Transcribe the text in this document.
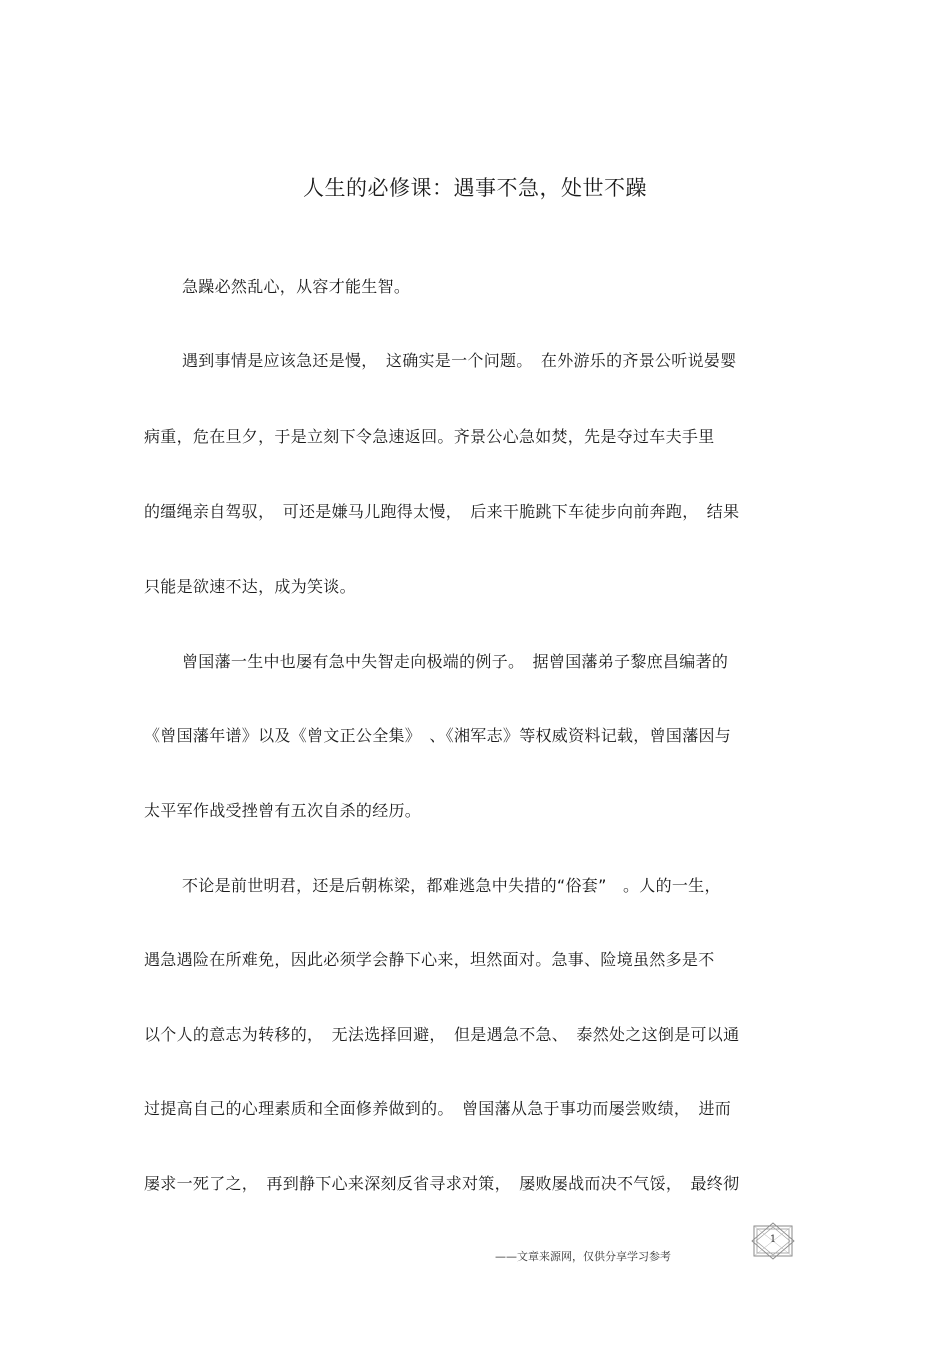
人生的必修课：遇事不急，处世不躁
急躁必然乱心，从容才能生智。
遇到事情是应该急还是慢，　这确实是一个问题。　在外游乐的齐景公听说晏婴
病重，危在旦夕，于是立刻下令急速返回。齐景公心急如焚，先是夺过车夫手里
的缰绳亲自驾驭，　可还是嫌马儿跑得太慢，　后来干脆跳下车徒步向前奔跑，　结果
只能是欲速不达，成为笑谈。
曾国藩一生中也屡有急中失智走向极端的例子。　据曾国藩弟子黎庶昌编著的
《曾国藩年谱》以及《曾文正公全集》　、《湘军志》等权威资料记载，曾国藩因与
太平军作战受挫曾有五次自杀的经历。
不论是前世明君，还是后朝栋梁，都难逃急中失措的“俗套”　。人的一生，
遇急遇险在所难免，因此必须学会静下心来，坦然面对。急事、险境虽然多是不
以个人的意志为转移的，　无法选择回避，　但是遇急不急、　泰然处之这倒是可以通
过提高自己的心理素质和全面修养做到的。　曾国藩从急于事功而屡尝败绩，　进而
屡求一死了之，　再到静下心来深刻反省寻求对策，　屡败屡战而决不气馁，　最终彻
——文章来源网，仅供分享学习参考
1
